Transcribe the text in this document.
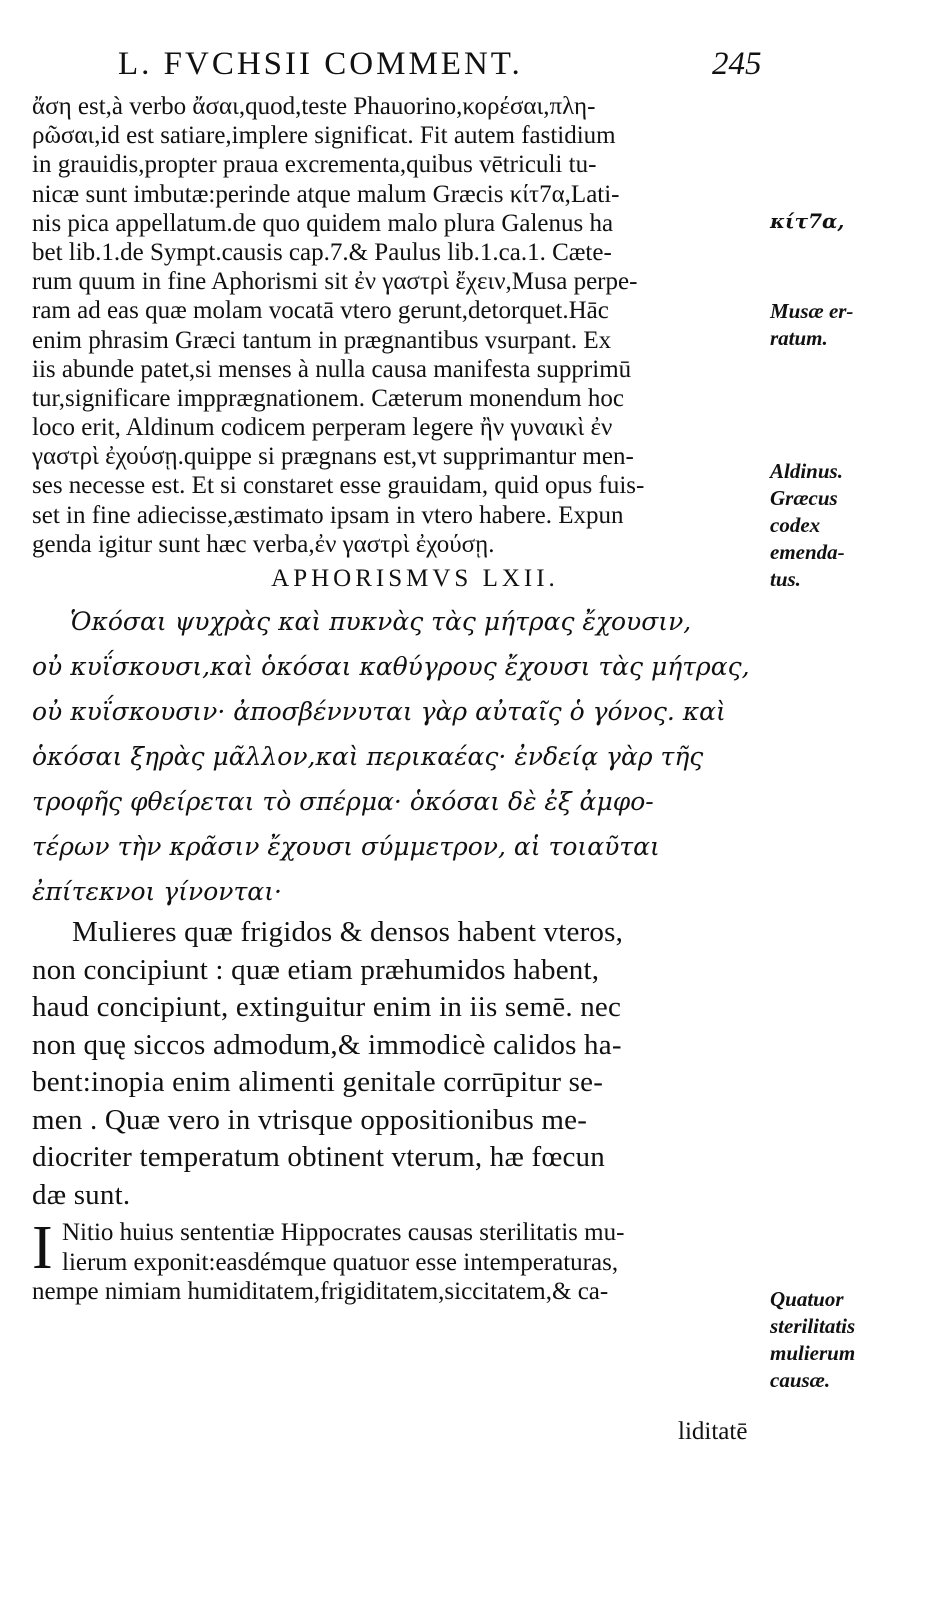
L. FVCHSII COMMENT.	245
ἄση est,à verbo ἄσαι,quod,teste Phauorino,κορέσαι,πλη-
ρῶσαι,id est satiare,implere significat. Fit autem fastidium
in grauidis,propter praua excrementa,quibus vētriculi tu-
nicæ sunt imbutæ:perinde atque malum Græcis κίτ7α,Lati-
nis pica appellatum.de quo quidem malo plura Galenus ha
bet lib.1.de Sympt.causis cap.7.& Paulus lib.1.ca.1. Cæte-
rum quum in fine Aphorismi sit ἐν γαστρὶ ἔχειν,Musa perpe-
ram ad eas quæ molam vocatā vtero gerunt,detorquet.Hāc
enim phrasim Græci tantum in prægnantibus vsurpant. Ex
iis abunde patet,si menses à nulla causa manifesta supprimū
tur,significare impprægnationem. Cæterum monendum hoc
loco erit, Aldinum codicem perperam legere ἢν γυναικὶ ἐν
γαστρὶ ἐχούσῃ.quippe si prægnans est,vt supprimantur men-
ses necesse est. Et si constaret esse grauidam, quid opus fuis-
set in fine adiecisse,æstimato ipsam in vtero habere. Expun
genda igitur sunt hæc verba,ἐν γαστρὶ ἐχούσῃ.
APHORISMVS LXII.
Ὁκόσαι ψυχρὰς καὶ πυκνὰς τὰς μήτρας ἔχουσιν,
οὐ κυΐσκουσι,καὶ ὁκόσαι καθύγρους ἔχουσι τὰς μήτρας,
οὐ κυΐσκουσιν· ἀποσβέννυται γὰρ αὐταῖς ὁ γόνος. καὶ
ὁκόσαι ξηρὰς μᾶλλον,καὶ περικαέας· ἐνδείᾳ γὰρ τῆς
τροφῆς φθείρεται τὸ σπέρμα· ὁκόσαι δὲ ἐξ ἀμφο-
τέρων τὴν κρᾶσιν ἔχουσι σύμμετρον, αἱ τοιαῦται
ἐπίτεκνοι γίνονται·
Mulieres quæ frigidos & densos habent vteros,
non concipiunt : quæ etiam præhumidos habent,
haud concipiunt, extinguitur enim in iis semē. nec
non quę siccos admodum,& immodicè calidos ha-
bent:inopia enim alimenti genitale corrūpitur se-
men . Quæ vero in vtrisque oppositionibus me-
diocriter temperatum obtinent vterum, hæ fœcun
dæ sunt.
I Nitio huius sententiæ Hippocrates causas sterilitatis mu-
lierum exponit:easdémque quatuor esse intemperaturas,
nempe nimiam humiditatem,frigiditatem,siccitatem,& ca-
liditatē
κίτ7α,
Musæ er-
ratum.
Aldinus.
Græcus
codex
emenda-
tus.
Quatuor
sterilitatis
mulierum
causæ.
